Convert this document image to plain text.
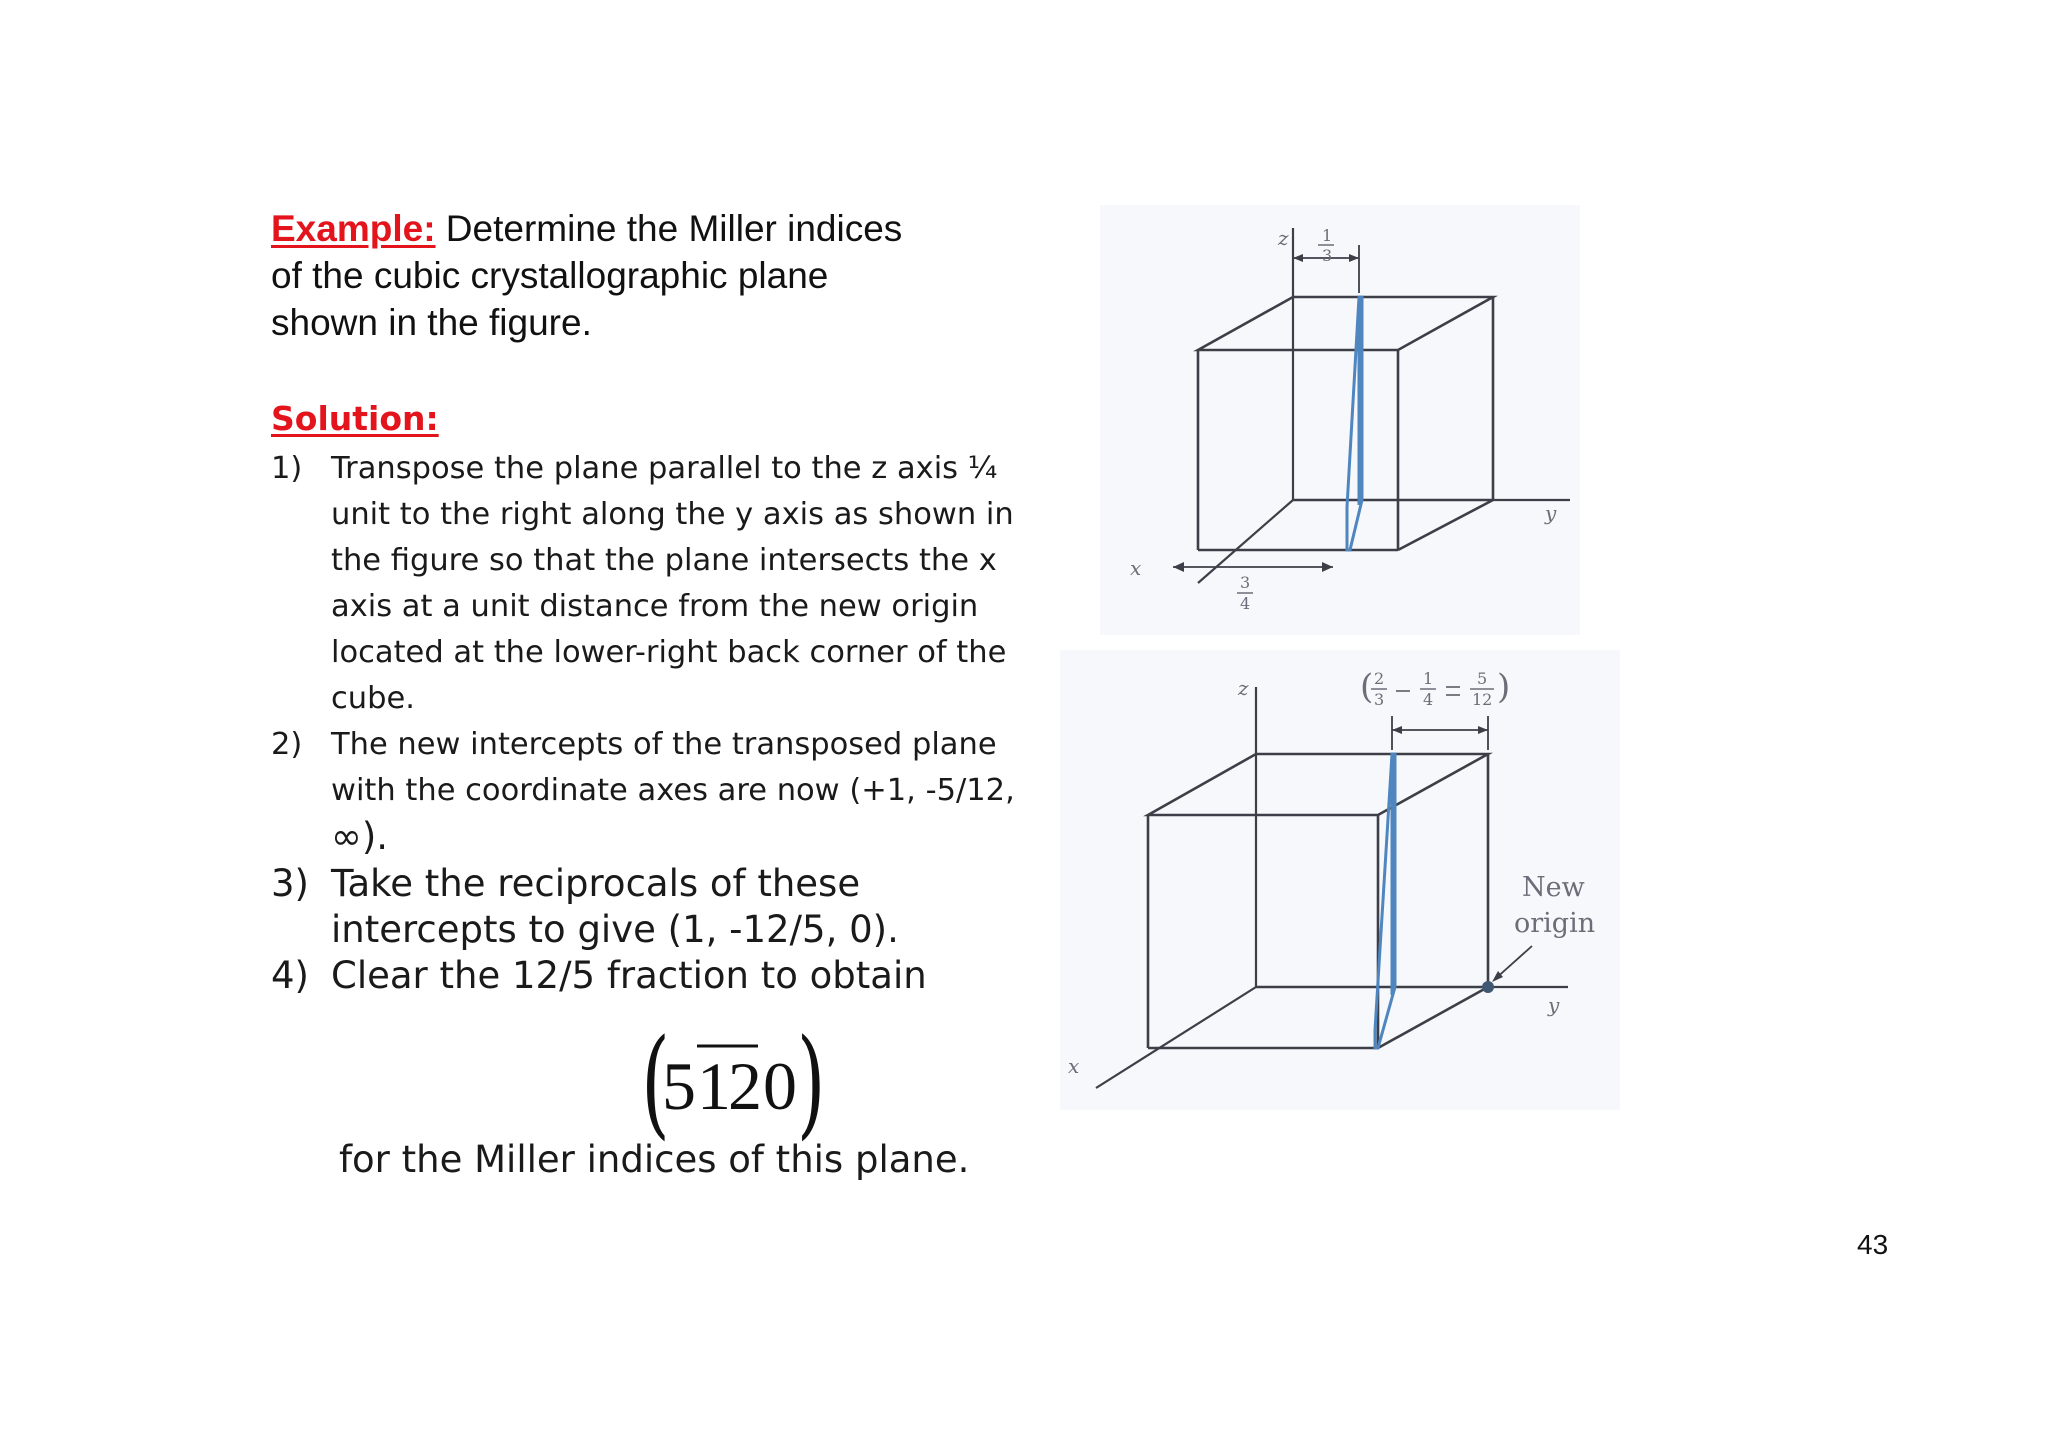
Example: Determine the Miller indices of the cubic crystallographic plane shown in the figure.
Solution:
1) Transpose the plane parallel to the z axis ¼ unit to the right along the y axis as shown in the figure so that the plane intersects the x axis at a unit distance from the new origin located at the lower-right back corner of the cube.
2) The new intercepts of the transposed plane with the coordinate axes are now (+1, -5/12, ∞).
3) Take the reciprocals of these intercepts to give (1, -12/5, 0).
4) Clear the 12/5 fraction to obtain
(
5 1
2 0 )
for the Miller indices of this plane.
1
3
3
4
z
y
x
( 2
3
1
4
5
12 )
z
y
x
New
origin
43
